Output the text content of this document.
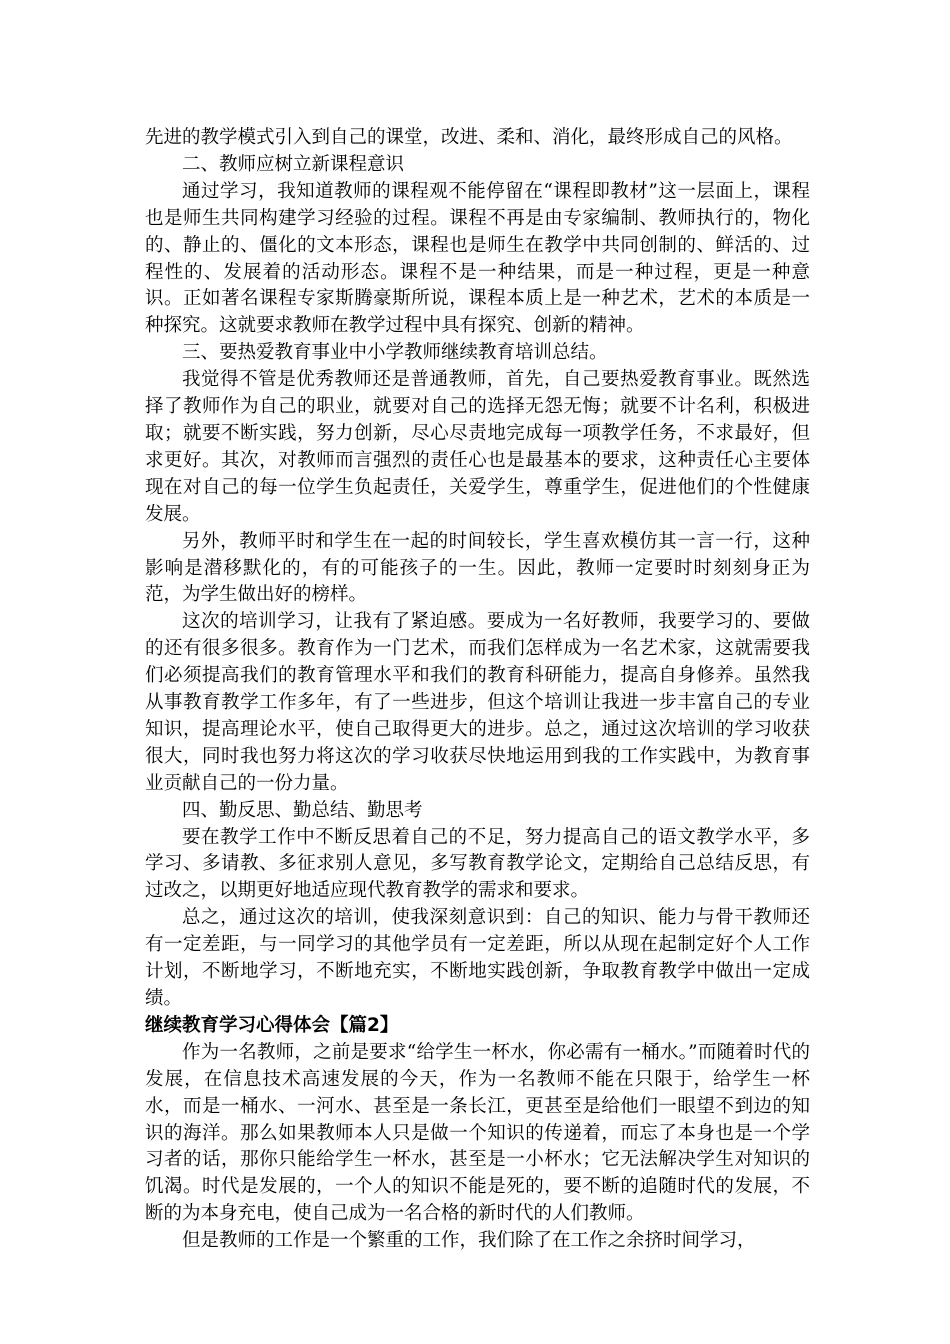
先进的教学模式引入到自己的课堂，改进、柔和、消化，最终形成自己的风格。

二、教师应树立新课程意识

通过学习，我知道教师的课程观不能停留在“课程即教材”这一层面上，课程也是师生共同构建学习经验的过程。课程不再是由专家编制、教师执行的，物化的、静止的、僵化的文本形态，课程也是师生在教学中共同创制的、鲜活的、过程性的、发展着的活动形态。课程不是一种结果，而是一种过程，更是一种意识。正如著名课程专家斯腾豪斯所说，课程本质上是一种艺术，艺术的本质是一种探究。这就要求教师在教学过程中具有探究、创新的精神。

三、要热爱教育事业中小学教师继续教育培训总结。

我觉得不管是优秀教师还是普通教师，首先，自己要热爱教育事业。既然选择了教师作为自己的职业，就要对自己的选择无怨无悔；就要不计名利，积极进取；就要不断实践，努力创新，尽心尽责地完成每一项教学任务，不求最好，但求更好。其次，对教师而言强烈的责任心也是最基本的要求，这种责任心主要体现在对自己的每一位学生负起责任，关爱学生，尊重学生，促进他们的个性健康发展。

另外，教师平时和学生在一起的时间较长，学生喜欢模仿其一言一行，这种影响是潜移默化的，有的可能孩子的一生。因此，教师一定要时时刻刻身正为范，为学生做出好的榜样。

这次的培训学习，让我有了紧迫感。要成为一名好教师，我要学习的、要做的还有很多很多。教育作为一门艺术，而我们怎样成为一名艺术家，这就需要我们必须提高我们的教育管理水平和我们的教育科研能力，提高自身修养。虽然我从事教育教学工作多年，有了一些进步，但这个培训让我进一步丰富自己的专业知识，提高理论水平，使自己取得更大的进步。总之，通过这次培训的学习收获很大，同时我也努力将这次的学习收获尽快地运用到我的工作实践中，为教育事业贡献自己的一份力量。

四、勤反思、勤总结、勤思考

要在教学工作中不断反思着自己的不足，努力提高自己的语文教学水平，多学习、多请教、多征求别人意见，多写教育教学论文，定期给自己总结反思，有过改之，以期更好地适应现代教育教学的需求和要求。

总之，通过这次的培训，使我深刻意识到：自己的知识、能力与骨干教师还有一定差距，与一同学习的其他学员有一定差距，所以从现在起制定好个人工作计划，不断地学习，不断地充实，不断地实践创新，争取教育教学中做出一定成绩。

继续教育学习心得体会【篇2】

作为一名教师，之前是要求“给学生一杯水，你必需有一桶水。”而随着时代的发展，在信息技术高速发展的今天，作为一名教师不能在只限于，给学生一杯水，而是一桶水、一河水、甚至是一条长江，更甚至是给他们一眼望不到边的知识的海洋。那么如果教师本人只是做一个知识的传递着，而忘了本身也是一个学习者的话，那你只能给学生一杯水，甚至是一小杯水；它无法解决学生对知识的饥渴。时代是发展的，一个人的知识不能是死的，要不断的追随时代的发展，不断的为本身充电，使自己成为一名合格的新时代的人们教师。

但是教师的工作是一个繁重的工作，我们除了在工作之余挤时间学习，
